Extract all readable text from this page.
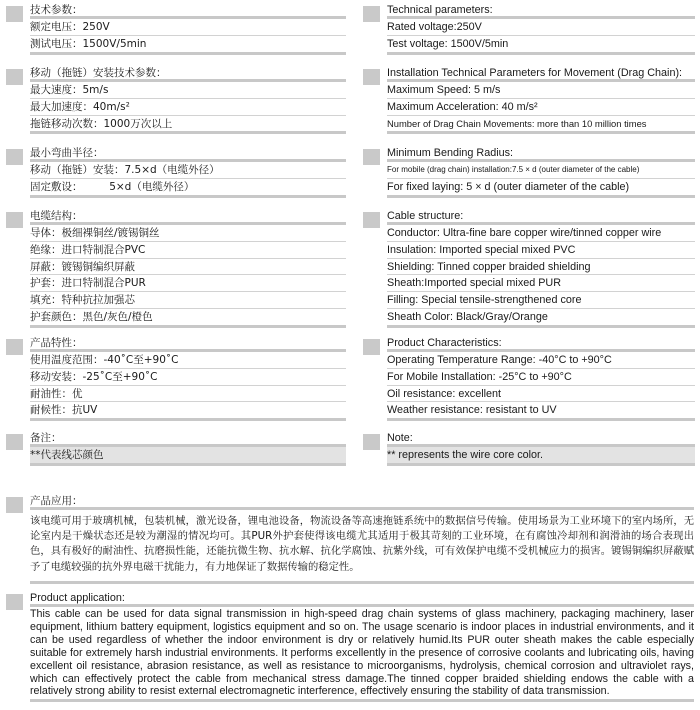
技术参数：
额定电压：250V
测试电压：1500V/5min
移动（拖链）安装技术参数：
最大速度：5m/s
最大加速度：40m/s²
拖链移动次数：1000万次以上
最小弯曲半径：
移动（拖链）安装：7.5×d（电缆外径）
固定敷设：        5×d（电缆外径）
电缆结构：
导体：极细裸铜丝/镀锡铜丝
绝缘：进口特制混合PVC
屏蔽：镀锡铜编织屏蔽
护套：进口特制混合PUR
填充：特种抗拉加强芯
护套颜色：黑色/灰色/橙色
产品特性：
使用温度范围：-40˚C至+90˚C
移动安装：-25˚C至+90˚C
耐油性：优
耐候性：抗UV
备注：
**代表线芯颜色
Technical parameters:
Rated voltage:250V
Test voltage: 1500V/5min
Installation Technical Parameters for Movement (Drag Chain):
Maximum Speed: 5 m/s
Maximum Acceleration: 40 m/s²
Number of Drag Chain Movements: more than 10 million times
Minimum Bending Radius:
For mobile (drag chain) installation:7.5 × d (outer diameter of the cable)
For fixed laying: 5 × d (outer diameter of the cable)
Cable structure:
Conductor: Ultra-fine bare copper wire/tinned copper wire
Insulation: Imported special mixed PVC
Shielding: Tinned copper braided shielding
Sheath:Imported special mixed PUR
Filling: Special tensile-strengthened core
Sheath Color: Black/Gray/Orange
Product Characteristics:
Operating Temperature Range: -40°C to +90°C
For Mobile Installation: -25°C to +90°C
Oil resistance: excellent
Weather resistance: resistant to UV
Note:
** represents the wire core color.
产品应用：
该电缆可用于玻璃机械，包装机械，激光设备，锂电池设备，物流设备等高速拖链系统中的数据信号传输。使用场景为工业环境下的室内场所，无论室内是干燥状态还是较为潮湿的情况均可。其PUR外护套使得该电缆尤其适用于极其苛刻的工业环境，在有腐蚀冷却剂和润滑油的场合表现出色，具有极好的耐油性、抗磨损性能，还能抗微生物、抗水解、抗化学腐蚀、抗紫外线，可有效保护电缆不受机械应力的损害。镀锡铜编织屏蔽赋予了电缆较强的抗外界电磁干扰能力，有力地保证了数据传输的稳定性。
Product application:
This cable can be used for data signal transmission in high-speed drag chain systems of glass machinery, packaging machinery, laser equipment, lithium battery equipment, logistics equipment and so on. The usage scenario is indoor places in industrial environments, and it can be used regardless of whether the indoor environment is dry or relatively humid.Its PUR outer sheath makes the cable especially suitable for extremely harsh industrial environments. It performs excellently in the presence of corrosive coolants and lubricating oils, having excellent oil resistance, abrasion resistance, as well as resistance to microorganisms, hydrolysis, chemical corrosion and ultraviolet rays, which can effectively protect the cable from mechanical stress damage.The tinned copper braided shielding endows the cable with a relatively strong ability to resist external electromagnetic interference, effectively ensuring the stability of data transmission.
